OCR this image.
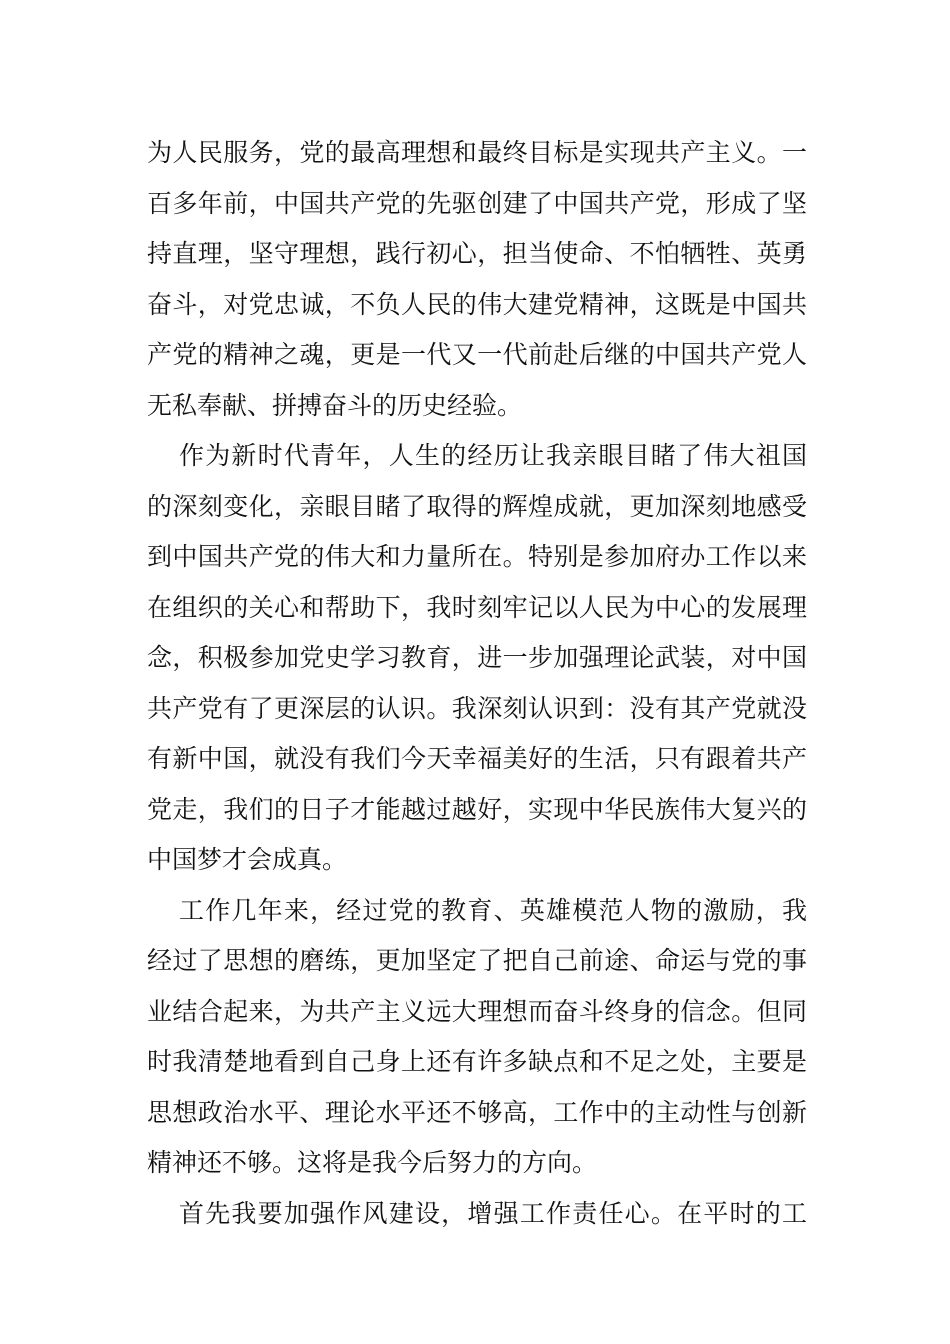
为人民服务，党的最高理想和最终目标是实现共产主义。一
百多年前，中国共产党的先驱创建了中国共产党，形成了坚
持直理，坚守理想，践行初心，担当使命、不怕牺牲、英勇
奋斗，对党忠诚，不负人民的伟大建党精神，这既是中国共
产党的精神之魂，更是一代又一代前赴后继的中国共产党人
无私奉献、拼搏奋斗的历史经验。
作为新时代青年，人生的经历让我亲眼目睹了伟大祖国
的深刻变化，亲眼目睹了取得的辉煌成就，更加深刻地感受
到中国共产党的伟大和力量所在。特别是参加府办工作以来
在组织的关心和帮助下，我时刻牢记以人民为中心的发展理
念，积极参加党史学习教育，进一步加强理论武装，对中国
共产党有了更深层的认识。我深刻认识到：没有其产党就没
有新中国，就没有我们今天幸福美好的生活，只有跟着共产
党走，我们的日子才能越过越好，实现中华民族伟大复兴的
中国梦才会成真。
工作几年来，经过党的教育、英雄模范人物的激励，我
经过了思想的磨练，更加坚定了把自己前途、命运与党的事
业结合起来，为共产主义远大理想而奋斗终身的信念。但同
时我清楚地看到自己身上还有许多缺点和不足之处，主要是
思想政治水平、理论水平还不够高，工作中的主动性与创新
精神还不够。这将是我今后努力的方向。
首先我要加强作风建设，增强工作责任心。在平时的工
